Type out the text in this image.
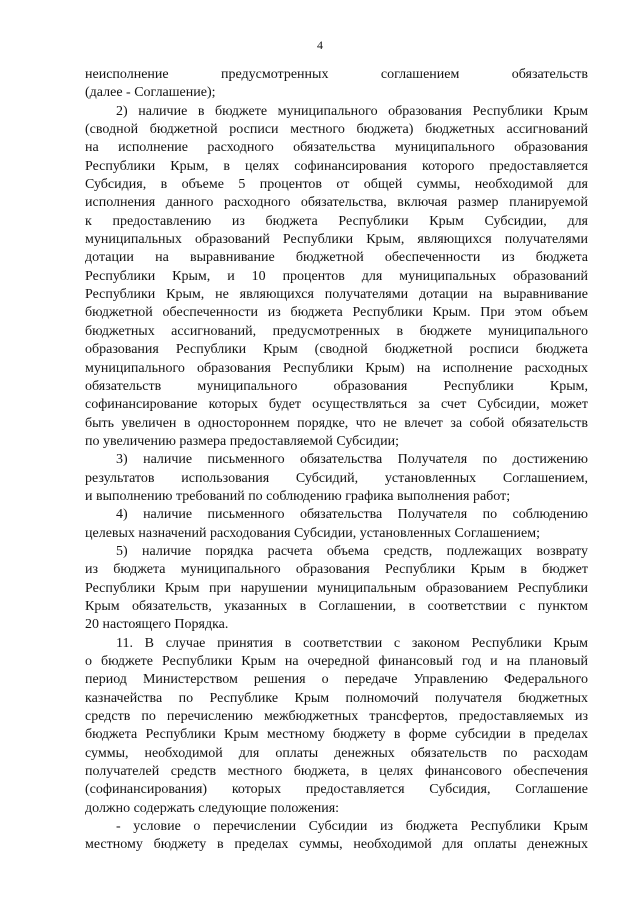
4
неисполнение предусмотренных соглашением обязательств
(далее - Соглашение);
2) наличие в бюджете муниципального образования Республики Крым
(сводной бюджетной росписи местного бюджета) бюджетных ассигнований
на исполнение расходного обязательства муниципального образования
Республики Крым, в целях софинансирования которого предоставляется
Субсидия, в объеме 5 процентов от общей суммы, необходимой для
исполнения данного расходного обязательства, включая размер планируемой
к предоставлению из бюджета Республики Крым Субсидии, для
муниципальных образований Республики Крым, являющихся получателями
дотации на выравнивание бюджетной обеспеченности из бюджета
Республики Крым, и 10 процентов для муниципальных образований
Республики Крым, не являющихся получателями дотации на выравнивание
бюджетной обеспеченности из бюджета Республики Крым. При этом объем
бюджетных ассигнований, предусмотренных в бюджете муниципального
образования Республики Крым (сводной бюджетной росписи бюджета
муниципального образования Республики Крым) на исполнение расходных
обязательств муниципального образования Республики Крым,
софинансирование которых будет осуществляться за счет Субсидии, может
быть увеличен в одностороннем порядке, что не влечет за собой обязательств
по увеличению размера предоставляемой Субсидии;
3) наличие письменного обязательства Получателя по достижению
результатов использования Субсидий, установленных Соглашением,
и выполнению требований по соблюдению графика выполнения работ;
4) наличие письменного обязательства Получателя по соблюдению
целевых назначений расходования Субсидии, установленных Соглашением;
5) наличие порядка расчета объема средств, подлежащих возврату
из бюджета муниципального образования Республики Крым в бюджет
Республики Крым при нарушении муниципальным образованием Республики
Крым обязательств, указанных в Соглашении, в соответствии с пунктом
20 настоящего Порядка.
11. В случае принятия в соответствии с законом Республики Крым
о бюджете Республики Крым на очередной финансовый год и на плановый
период Министерством решения о передаче Управлению Федерального
казначейства по Республике Крым полномочий получателя бюджетных
средств по перечислению межбюджетных трансфертов, предоставляемых из
бюджета Республики Крым местному бюджету в форме субсидии в пределах
суммы, необходимой для оплаты денежных обязательств по расходам
получателей средств местного бюджета, в целях финансового обеспечения
(софинансирования) которых предоставляется Субсидия, Соглашение
должно содержать следующие положения:
- условие о перечислении Субсидии из бюджета Республики Крым
местному бюджету в пределах суммы, необходимой для оплаты денежных
